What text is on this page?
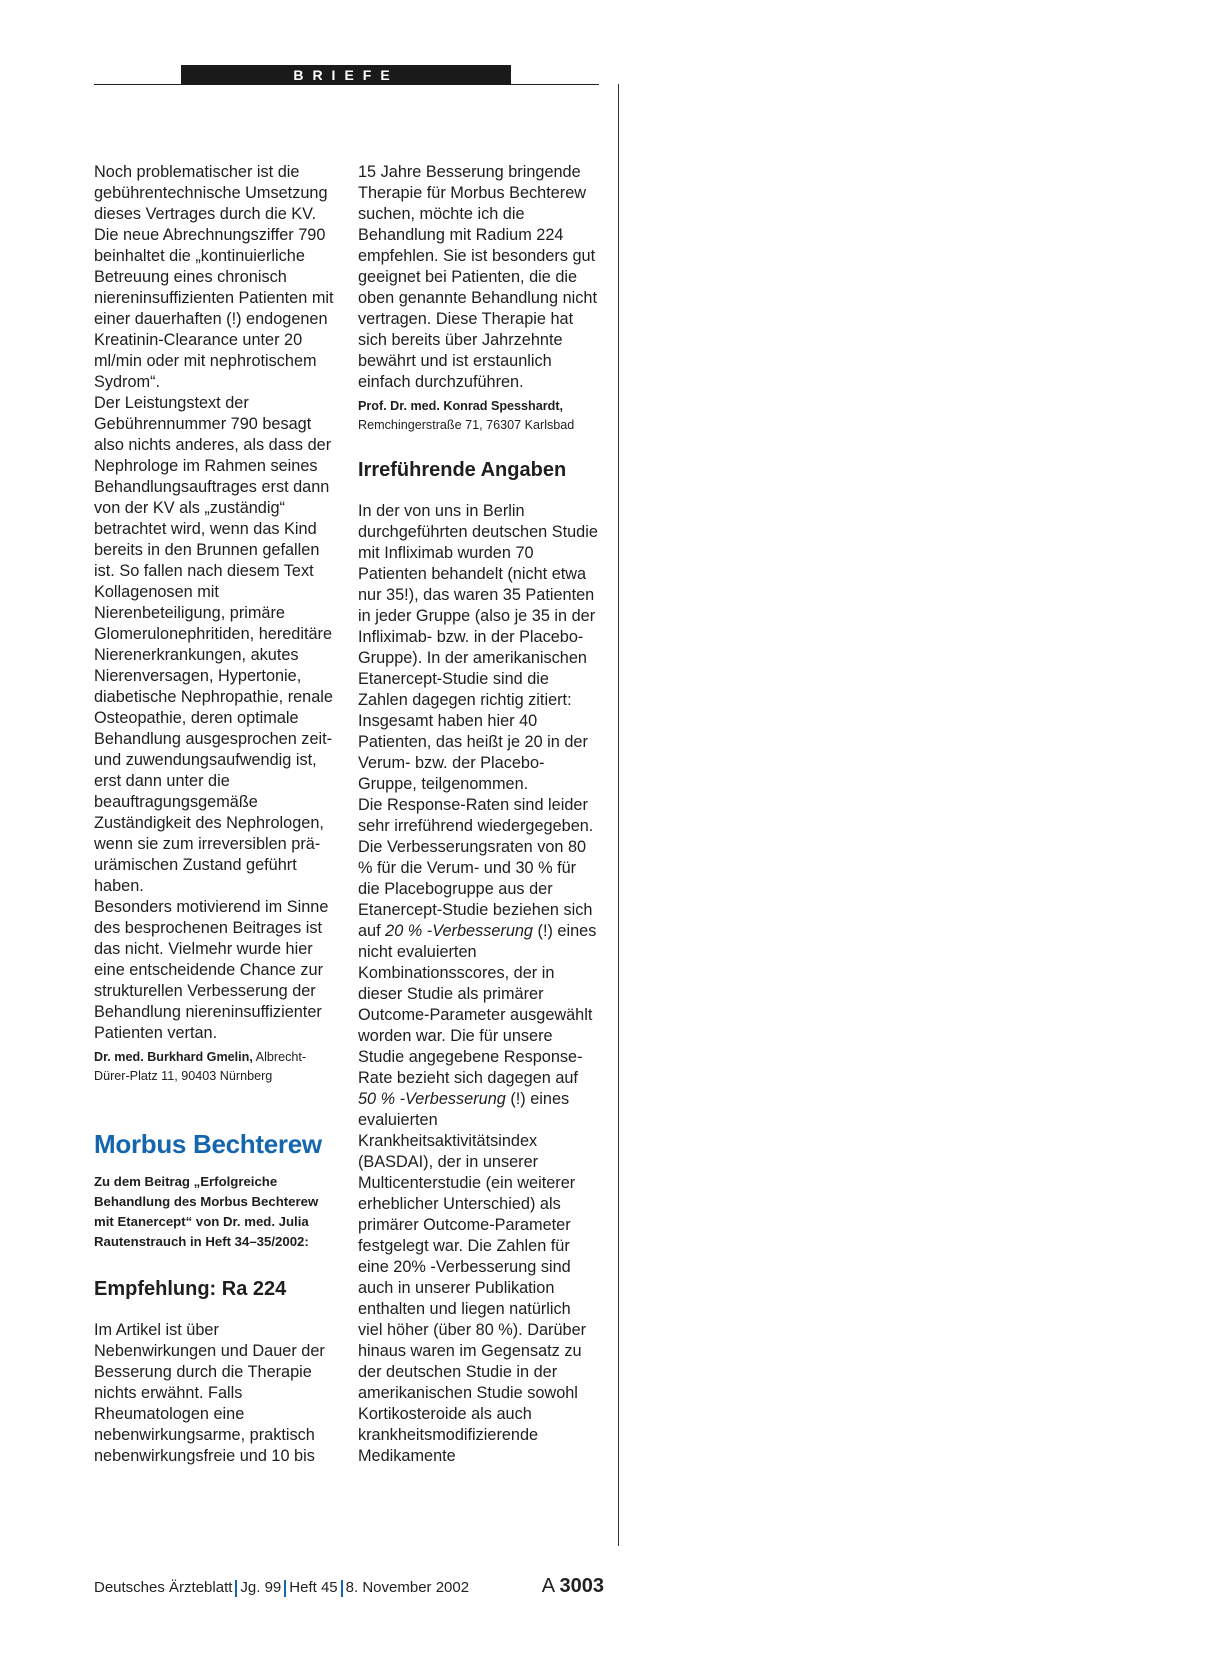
BRIEFE

Noch problematischer ist die gebührentechnische Umsetzung dieses Vertrages durch die KV. Die neue Abrechnungsziffer 790 beinhaltet die „kontinuierliche Betreuung eines chronisch niereninsuffizienten Patienten mit einer dauerhaften (!) endogenen Kreatinin-Clearance unter 20 ml/min oder mit nephrotischem Sydrom“.

Der Leistungstext der Gebührennummer 790 besagt also nichts anderes, als dass der Nephrologe im Rahmen seines Behandlungsauftrages erst dann von der KV als „zuständig“ betrachtet wird, wenn das Kind bereits in den Brunnen gefallen ist. So fallen nach diesem Text Kollagenosen mit Nierenbeteiligung, primäre Glomerulonephritiden, hereditäre Nierenerkrankungen, akutes Nierenversagen, Hypertonie, diabetische Nephropathie, renale Osteopathie, deren optimale Behandlung ausgesprochen zeit- und zuwendungsaufwendig ist, erst dann unter die beauftragungsgemäße Zuständigkeit des Nephrologen, wenn sie zum irreversiblen prä-urämischen Zustand geführt haben.

Besonders motivierend im Sinne des besprochenen Beitrages ist das nicht. Vielmehr wurde hier eine entscheidende Chance zur strukturellen Verbesserung der Behandlung niereninsuffizienter Patienten vertan.

Dr. med. Burkhard Gmelin, Albrecht-Dürer-Platz 11, 90403 Nürnberg

Morbus Bechterew

Zu dem Beitrag „Erfolgreiche Behandlung des Morbus Bechterew mit Etanercept“ von Dr. med. Julia Rautenstrauch in Heft 34–35/2002:

Empfehlung: Ra 224

Im Artikel ist über Nebenwirkungen und Dauer der Besserung durch die Therapie nichts erwähnt. Falls Rheumatologen eine nebenwirkungsarme, praktisch nebenwirkungsfreie und 10 bis

15 Jahre Besserung bringende Therapie für Morbus Bechterew suchen, möchte ich die Behandlung mit Radium 224 empfehlen. Sie ist besonders gut geeignet bei Patienten, die die oben genannte Behandlung nicht vertragen. Diese Therapie hat sich bereits über Jahrzehnte bewährt und ist erstaunlich einfach durchzuführen.

Prof. Dr. med. Konrad Spesshardt,
Remchingerstraße 71, 76307 Karlsbad

Irreführende Angaben

In der von uns in Berlin durchgeführten deutschen Studie mit Infliximab wurden 70 Patienten behandelt (nicht etwa nur 35!), das waren 35 Patienten in jeder Gruppe (also je 35 in der Infliximab- bzw. in der Placebo-Gruppe). In der amerikanischen Etanercept-Studie sind die Zahlen dagegen richtig zitiert: Insgesamt haben hier 40 Patienten, das heißt je 20 in der Verum- bzw. der Placebo-Gruppe, teilgenommen.

Die Response-Raten sind leider sehr irreführend wiedergegeben. Die Verbesserungsraten von 80 % für die Verum- und 30 % für die Placebogruppe aus der Etanercept-Studie beziehen sich auf 20 % -Verbesserung (!) eines nicht evaluierten Kombinationsscores, der in dieser Studie als primärer Outcome-Parameter ausgewählt worden war. Die für unsere Studie angegebene Response-Rate bezieht sich dagegen auf 50 % -Verbesserung (!) eines evaluierten Krankheitsaktivitätsindex (BASDAI), der in unserer Multicenterstudie (ein weiterer erheblicher Unterschied) als primärer Outcome-Parameter festgelegt war. Die Zahlen für eine 20% -Verbesserung sind auch in unserer Publikation enthalten und liegen natürlich viel höher (über 80 %). Darüber hinaus waren im Gegensatz zu der deutschen Studie in der amerikanischen Studie sowohl Kortikosteroide als auch krankheitsmodifizierende Medikamente

Deutsches Ärzteblatt Jg. 99 Heft 45 8. November 2002	A 3003
